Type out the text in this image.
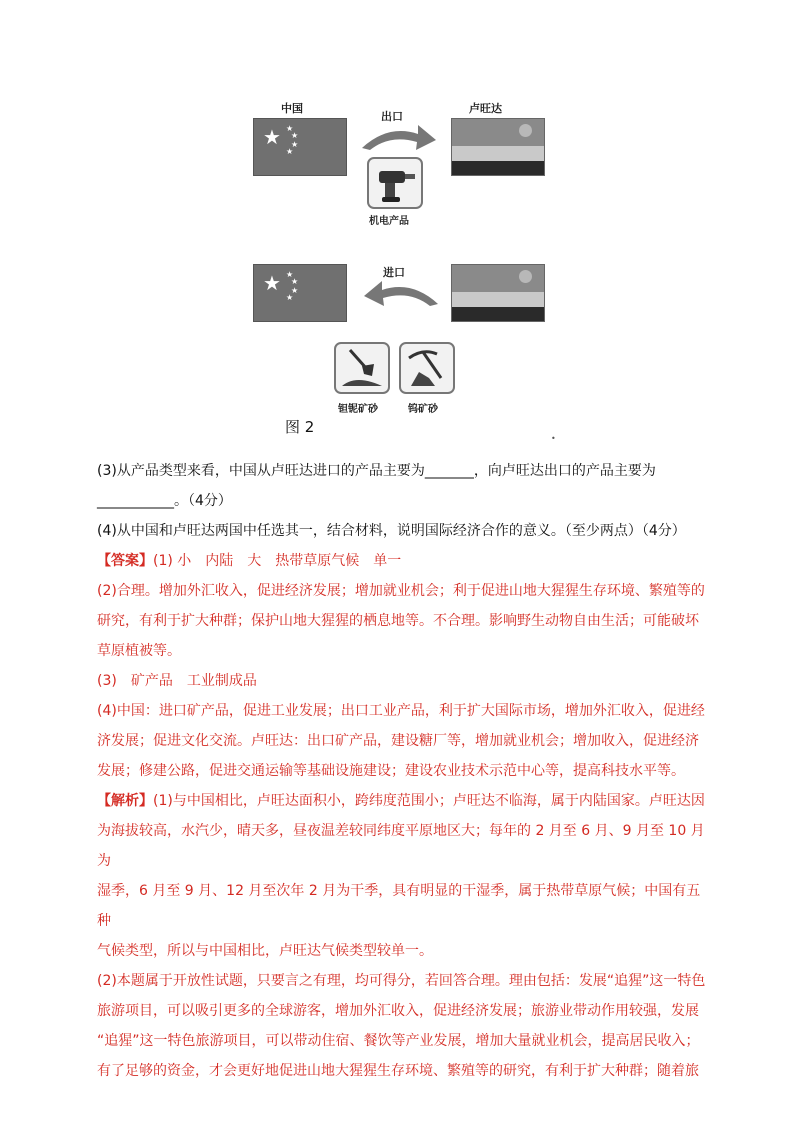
中国	卢旺达
★ ★
★
★
★
出口
机电产品
★ ★
★
★
★
进口
钽铌矿砂	钨矿砂
图 2
•

(3)从产品类型来看，中国从卢旺达进口的产品主要为_______，向卢旺达出口的产品主要为

___________。（4分）

(4)从中国和卢旺达两国中任选其一，结合材料，说明国际经济合作的意义。（至少两点）（4分）

【答案】(1) 小　内陆　大　热带草原气候　单一

(2)合理。增加外汇收入，促进经济发展；增加就业机会；利于促进山地大猩猩生存环境、繁殖等的

研究，有利于扩大种群；保护山地大猩猩的栖息地等。不合理。影响野生动物自由生活；可能破坏

草原植被等。

(3)　矿产品　工业制成品

(4)中国：进口矿产品，促进工业发展；出口工业产品，利于扩大国际市场，增加外汇收入，促进经

济发展；促进文化交流。卢旺达：出口矿产品，建设糖厂等，增加就业机会；增加收入，促进经济

发展；修建公路，促进交通运输等基础设施建设；建设农业技术示范中心等，提高科技水平等。

【解析】(1)与中国相比，卢旺达面积小，跨纬度范围小；卢旺达不临海，属于内陆国家。卢旺达因

为海拔较高，水汽少，晴天多，昼夜温差较同纬度平原地区大；每年的 2 月至 6 月、9 月至 10 月为

湿季，6 月至 9 月、12 月至次年 2 月为干季，具有明显的干湿季，属于热带草原气候；中国有五种

气候类型，所以与中国相比，卢旺达气候类型较单一。

(2)本题属于开放性试题，只要言之有理，均可得分，若回答合理。理由包括：发展“追猩”这一特色

旅游项目，可以吸引更多的全球游客，增加外汇收入，促进经济发展；旅游业带动作用较强，发展

“追猩”这一特色旅游项目，可以带动住宿、餐饮等产业发展，增加大量就业机会，提高居民收入；

有了足够的资金，才会更好地促进山地大猩猩生存环境、繁殖等的研究，有利于扩大种群；随着旅
